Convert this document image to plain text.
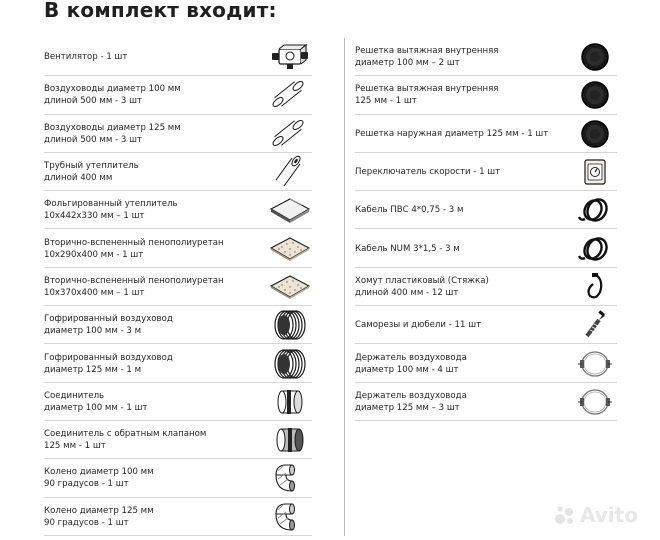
В комплект входит:
Вентилятор - 1 шт
Воздуховоды диаметр 100 мм
длиной 500 мм - 3 шт
Воздуховоды диаметр 125 мм
длиной 500 мм - 3 шт
Трубный утеплитель
длиной 400 мм
Фольгированный утеплитель
10х442х330 мм – 1 шт
Вторично-вспененный пенополиуретан
10х290х400 мм - 1 шт
Вторично-вспененный пенополиуретан
10х370х400 мм – 1 шт
Гофрированный воздуховод
диаметр 100 мм - 3 м
Гофрированный воздуховод
диаметр 125 мм - 1 м
Соединитель
диаметр 100 мм - 1 шт
Соединитель с обратным клапаном
125 мм - 1 шт
Колено диаметр 100 мм
90 градусов - 1 шт
Колено диаметр 125 мм
90 градусов - 1 шт
Решетка вытяжная внутренняя
диаметр 100 мм – 2 шт
Решетка вытяжная внутренняя
125 мм - 1 шт
Решетка наружная диаметр 125 мм - 1 шт
Переключатель скорости - 1 шт
Кабель ПВС 4*0,75 - 3 м
Кабель NUM 3*1,5 - 3 м
Хомут пластиковый (Стяжка)
длиной 400 мм - 12 шт
Саморезы и дюбели - 11 шт
Держатель воздуховода
диаметр 100 мм - 4 шт
Держатель воздуховода
диаметр 125 мм – 3 шт
Avito
